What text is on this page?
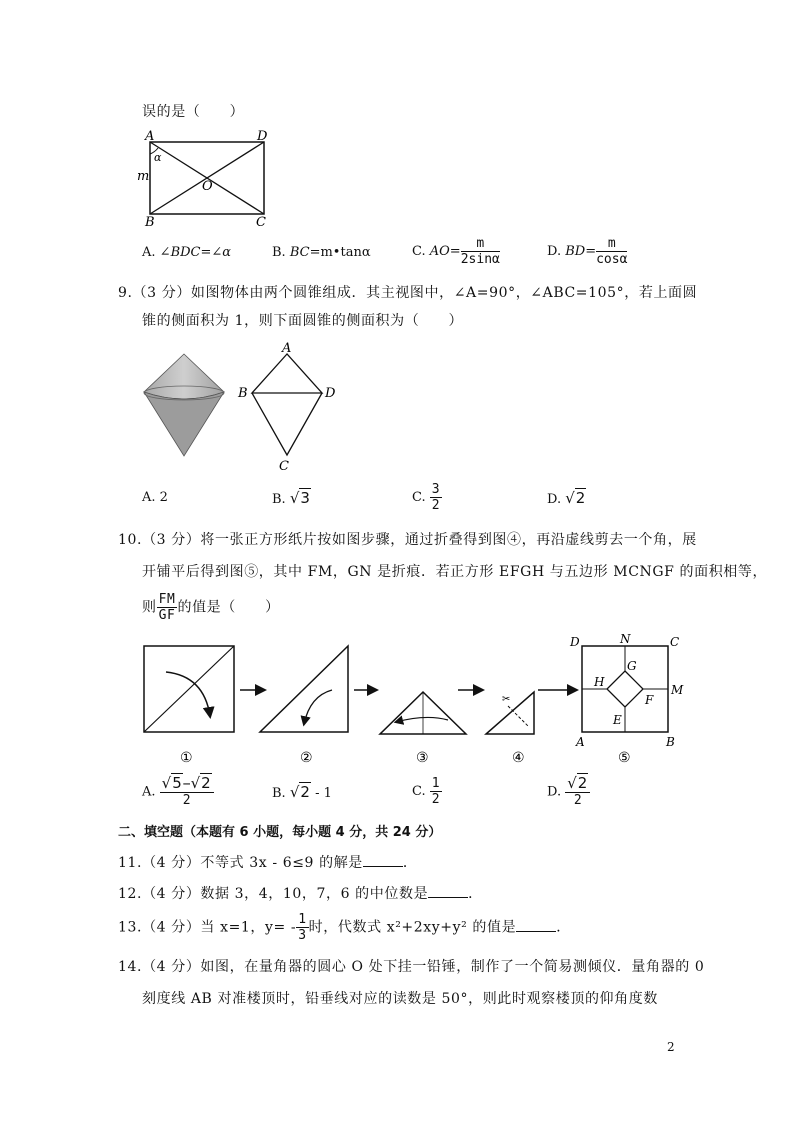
误的是（　　）
A	D
B	C
O
m
α
A. ∠BDC=∠α	B. BC=m•tanα	C. $AO= \frac{m}{2\sin\alpha}$	D. $BD= \frac{m}{\cos\alpha}$
9.（3 分）如图物体由两个圆锥组成．其主视图中，∠A=90°，∠ABC=105°，若上面圆
锥的侧面积为 1，则下面圆锥的侧面积为（　　）
A
B	D
C
A. 2	B. √3	C. $\frac{3}{2}$	D. √2
10.（3 分）将一张正方形纸片按如图步骤，通过折叠得到图④，再沿虚线剪去一个角，展
开铺平后得到图⑤，其中 FM，GN 是折痕．若正方形 EFGH 与五边形 MCNGF 的面积相等，
则 $\frac{FM}{GF}$ 的值是（　　）
①	②	③
✂
④
D	N	C
G
H
M
F
E
A	B
⑤
A. $\frac{√5-√2}{2}$	B. √2 - 1	C. $\frac{1}{2}$	D. $\frac{√2}{2}$
二、填空题（本题有 6 小题，每小题 4 分，共 24 分）
11.（4 分）不等式 3x - 6≤9 的解是	．
12.（4 分）数据 3，4，10，7，6 的中位数是	．
13.（4 分）当 x=1，$y= - \frac{1}{3}$ 时，代数式 x²+2xy+y² 的值是	．
14.（4 分）如图，在量角器的圆心 O 处下挂一铅锤，制作了一个简易测倾仪．量角器的 0
刻度线 AB 对准楼顶时，铅垂线对应的读数是 50°，则此时观察楼顶的仰角度数
2
